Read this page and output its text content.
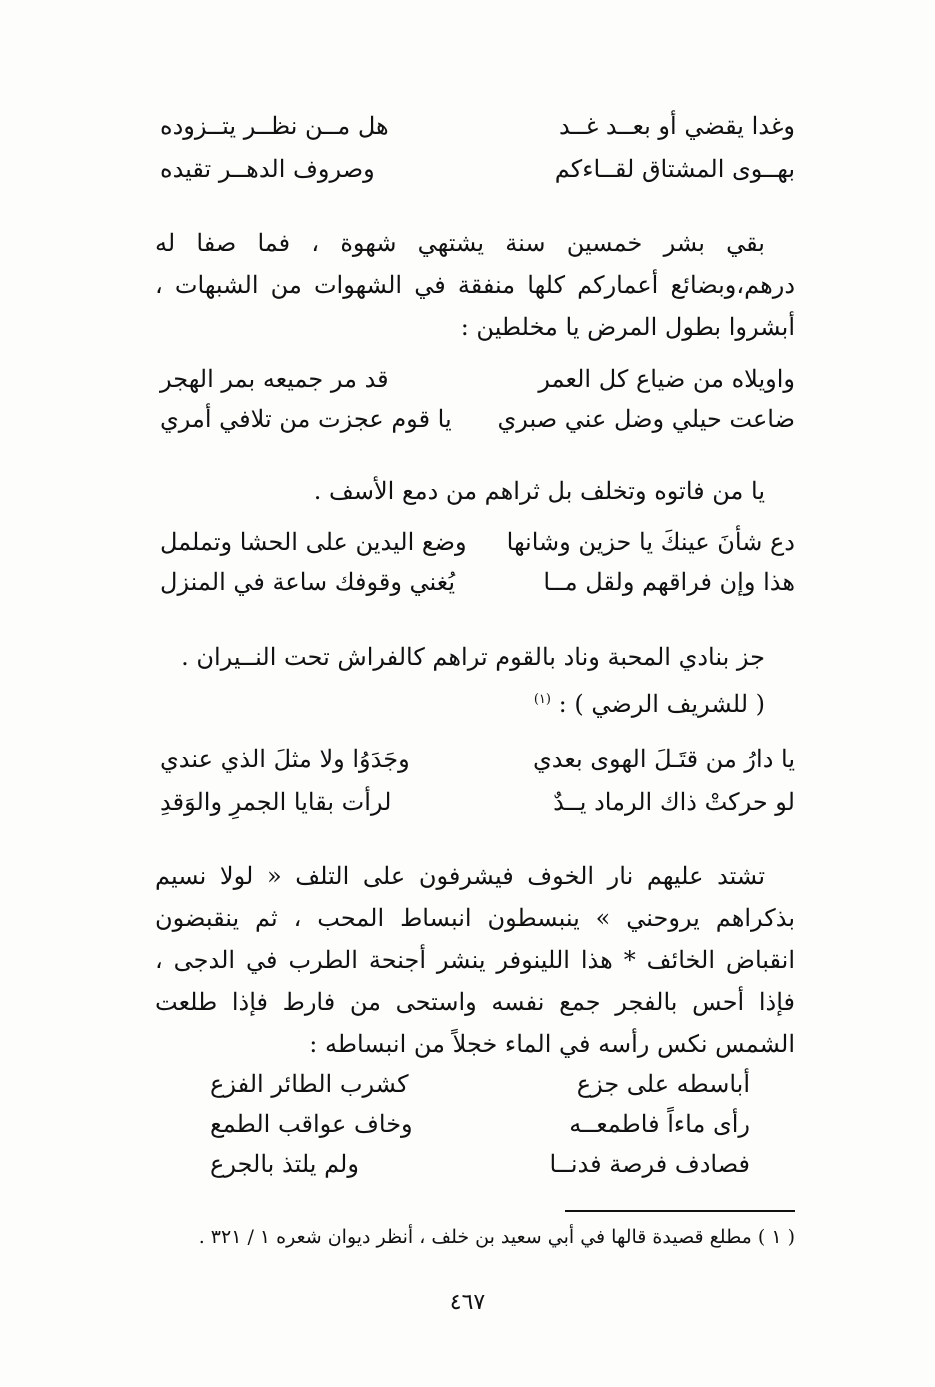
وغدا يقضي أو بعــد غــد
هل مــن نظــر يتــزوده
بهــوى المشتاق لقــاءكم
وصروف الدهــر تقيده
بقي بشر خمسين سنة يشتهي شهوة ، فما صفا له درهم،وبضائع أعماركم كلها منفقة في الشهوات من الشبهات ، أبشروا بطول المرض يا مخلطين :
واويلاه من ضياع كل العمر
قد مر جميعه بمر الهجر
ضاعت حيلي وضل عني صبري
يا قوم عجزت من تلافي أمري
يا من فاتوه وتخلف بل ثراهم من دمع الأسف .
دع شأنَ عينكَ يا حزين وشانها
وضع اليدين على الحشا وتململ
هذا وإن فراقهم ولقل مــا
يُغني وقوفك ساعة في المنزل
جز بنادي المحبة وناد بالقوم تراهم كالفراش تحت النــيران .
( للشريف الرضي ) : $^{(١)}$
يا دارُ من قتَـلَ الهوى بعدي
وجَدَوُا ولا مثلَ الذي عندي
لو حركتْ ذاك الرماد يــدٌ
لرأت بقايا الجمرِ والوَقدِ
تشتد عليهم نار الخوف فيشرفون على التلف « لولا نسيم بذكراهم يروحني » ينبسطون انبساط المحب ، ثم ينقبضون انقباض الخائف * هذا اللينوفر ينشر أجنحة الطرب في الدجى ، فإذا أحس بالفجر جمع نفسه واستحى من فارط فإذا طلعت الشمس نكس رأسه في الماء خجلاً من انبساطه :
أباسطه على جزع
كشرب الطائر الفزع
رأى ماءاً فاطمعــه
وخاف عواقب الطمع
فصادف فرصة فدنــا
ولم يلتذ بالجرع
( ١ ) مطلع قصيدة قالها في أبي سعيد بن خلف ، أنظر ديوان شعره ١ / ٣٢١ .
٤٦٧
